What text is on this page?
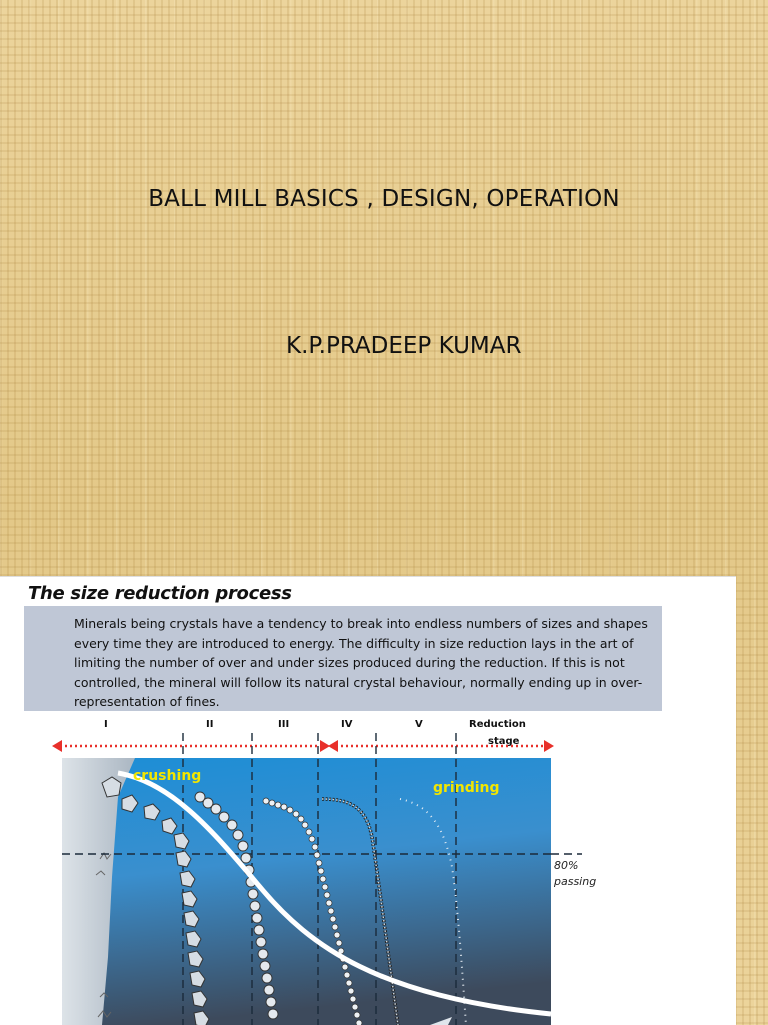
BALL MILL BASICS , DESIGN, OPERATION
K.P.PRADEEP KUMAR
The size reduction process
Minerals being crystals have a tendency to break into endless numbers of sizes and shapes every time they are introduced to energy. The difficulty in size reduction lays in the art of limiting the number of over and under sizes produced during the reduction. If this is not controlled, the mineral will follow its natural crystal behaviour, normally ending up in over-representation of fines.
I	II	III	IV	V	Reduction
stage
crushing
grinding
80%
passing
